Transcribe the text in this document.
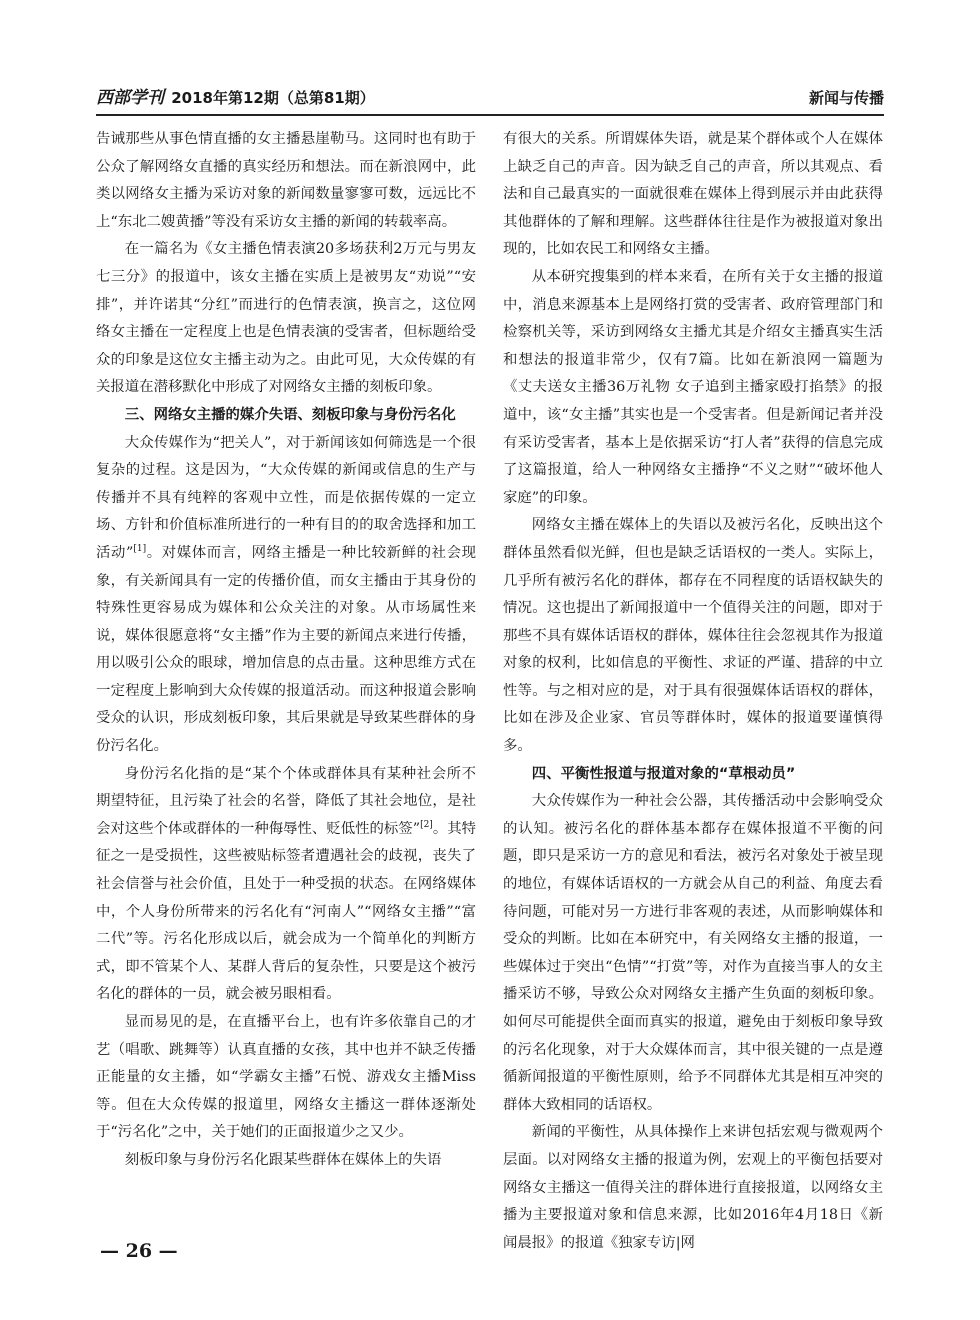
西部学刊 2018年第12期（总第81期）	新闻与传播

告诫那些从事色情直播的女主播悬崖勒马。这同时也有助于公众了解网络女直播的真实经历和想法。而在新浪网中，此类以网络女主播为采访对象的新闻数量寥寥可数，远远比不上“东北二嫂黄播”等没有采访女主播的新闻的转载率高。

在一篇名为《女主播色情表演20多场获利2万元与男友七三分》的报道中，该女主播在实质上是被男友“劝说”“安排”，并许诺其“分红”而进行的色情表演，换言之，这位网络女主播在一定程度上也是色情表演的受害者，但标题给受众的印象是这位女主播主动为之。由此可见，大众传媒的有关报道在潜移默化中形成了对网络女主播的刻板印象。

三、网络女主播的媒介失语、刻板印象与身份污名化

大众传媒作为“把关人”，对于新闻该如何筛选是一个很复杂的过程。这是因为，“大众传媒的新闻或信息的生产与传播并不具有纯粹的客观中立性，而是依据传媒的一定立场、方针和价值标准所进行的一种有目的的取舍选择和加工活动”[1]。对媒体而言，网络主播是一种比较新鲜的社会现象，有关新闻具有一定的传播价值，而女主播由于其身份的特殊性更容易成为媒体和公众关注的对象。从市场属性来说，媒体很愿意将“女主播”作为主要的新闻点来进行传播，用以吸引公众的眼球，增加信息的点击量。这种思维方式在一定程度上影响到大众传媒的报道活动。而这种报道会影响受众的认识，形成刻板印象，其后果就是导致某些群体的身份污名化。

身份污名化指的是“某个个体或群体具有某种社会所不期望特征，且污染了社会的名誉，降低了其社会地位，是社会对这些个体或群体的一种侮辱性、贬低性的标签”[2]。其特征之一是受损性，这些被贴标签者遭遇社会的歧视，丧失了社会信誉与社会价值，且处于一种受损的状态。在网络媒体中，个人身份所带来的污名化有“河南人”“网络女主播”“富二代”等。污名化形成以后，就会成为一个简单化的判断方式，即不管某个人、某群人背后的复杂性，只要是这个被污名化的群体的一员，就会被另眼相看。

显而易见的是，在直播平台上，也有许多依靠自己的才艺（唱歌、跳舞等）认真直播的女孩，其中也并不缺乏传播正能量的女主播，如“学霸女主播”石悦、游戏女主播Miss等。但在大众传媒的报道里，网络女主播这一群体逐渐处于“污名化”之中，关于她们的正面报道少之又少。

刻板印象与身份污名化跟某些群体在媒体上的失语

有很大的关系。所谓媒体失语，就是某个群体或个人在媒体上缺乏自己的声音。因为缺乏自己的声音，所以其观点、看法和自己最真实的一面就很难在媒体上得到展示并由此获得其他群体的了解和理解。这些群体往往是作为被报道对象出现的，比如农民工和网络女主播。

从本研究搜集到的样本来看，在所有关于女主播的报道中，消息来源基本上是网络打赏的受害者、政府管理部门和检察机关等，采访到网络女主播尤其是介绍女主播真实生活和想法的报道非常少，仅有7篇。比如在新浪网一篇题为《丈夫送女主播36万礼物 女子追到主播家殴打掐禁》的报道中，该“女主播”其实也是一个受害者。但是新闻记者并没有采访受害者，基本上是依据采访“打人者”获得的信息完成了这篇报道，给人一种网络女主播挣“不义之财”“破坏他人家庭”的印象。

网络女主播在媒体上的失语以及被污名化，反映出这个群体虽然看似光鲜，但也是缺乏话语权的一类人。实际上，几乎所有被污名化的群体，都存在不同程度的话语权缺失的情况。这也提出了新闻报道中一个值得关注的问题，即对于那些不具有媒体话语权的群体，媒体往往会忽视其作为报道对象的权利，比如信息的平衡性、求证的严谨、措辞的中立性等。与之相对应的是，对于具有很强媒体话语权的群体，比如在涉及企业家、官员等群体时，媒体的报道要谨慎得多。

四、平衡性报道与报道对象的“草根动员”

大众传媒作为一种社会公器，其传播活动中会影响受众的认知。被污名化的群体基本都存在媒体报道不平衡的问题，即只是采访一方的意见和看法，被污名对象处于被呈现的地位，有媒体话语权的一方就会从自己的利益、角度去看待问题，可能对另一方进行非客观的表述，从而影响媒体和受众的判断。比如在本研究中，有关网络女主播的报道，一些媒体过于突出“色情”“打赏”等，对作为直接当事人的女主播采访不够，导致公众对网络女主播产生负面的刻板印象。如何尽可能提供全面而真实的报道，避免由于刻板印象导致的污名化现象，对于大众媒体而言，其中很关键的一点是遵循新闻报道的平衡性原则，给予不同群体尤其是相互冲突的群体大致相同的话语权。

新闻的平衡性，从具体操作上来讲包括宏观与微观两个层面。以对网络女主播的报道为例，宏观上的平衡包括要对网络女主播这一值得关注的群体进行直接报道，以网络女主播为主要报道对象和信息来源，比如2016年4月18日《新闻晨报》的报道《独家专访|网

— 26 —
